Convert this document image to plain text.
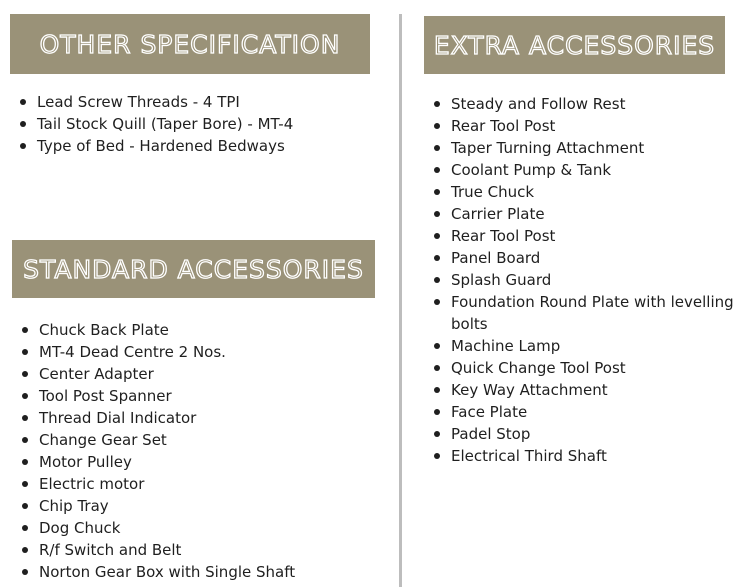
OTHER SPECIFICATION
Lead Screw Threads - 4 TPI
Tail Stock Quill (Taper Bore) - MT-4
Type of Bed - Hardened Bedways
STANDARD ACCESSORIES
Chuck Back Plate
MT-4 Dead Centre 2 Nos.
Center Adapter
Tool Post Spanner
Thread Dial Indicator
Change Gear Set
Motor Pulley
Electric motor
Chip Tray
Dog Chuck
R/f Switch and Belt
Norton Gear Box with Single Shaft
EXTRA ACCESSORIES
Steady and Follow Rest
Rear Tool Post
Taper Turning Attachment
Coolant Pump & Tank
True Chuck
Carrier Plate
Rear Tool Post
Panel Board
Splash Guard
Foundation Round Plate with levelling bolts
Machine Lamp
Quick Change Tool Post
Key Way Attachment
Face Plate
Padel Stop
Electrical Third Shaft
